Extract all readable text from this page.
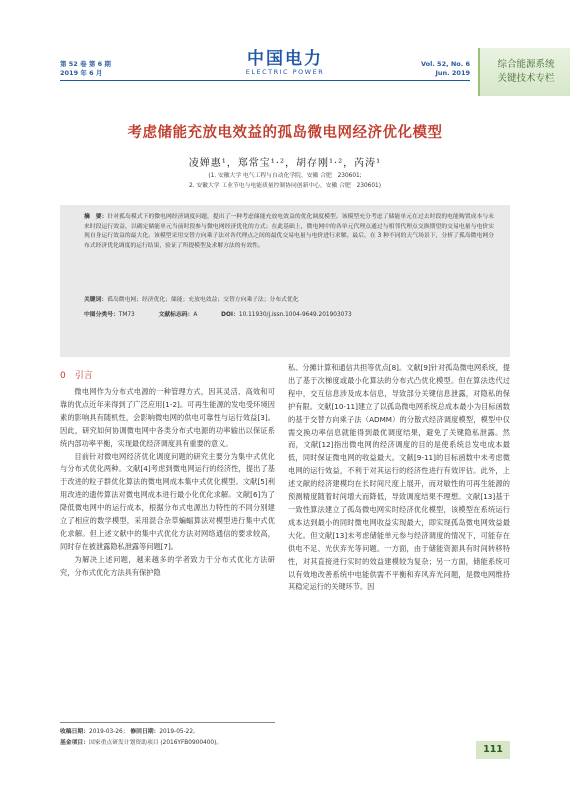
第 52 卷 第 6 期
2019 年 6 月
中国电力
ELECTRIC POWER
Vol. 52, No. 6
Jun. 2019
综合能源系统
关键技术专栏
考虑储能充放电效益的孤岛微电网经济优化模型
凌婵惠¹，郑常宝¹·²，胡存刚¹·²，芮涛¹
(1. 安徽大学 电气工程与自动化学院，安徽 合肥　230601;
2. 安徽大学 工业节电与电能质量控制协同创新中心，安徽 合肥　230601)
摘　要：针对孤岛模式下的微电网经济调度问题，提出了一种考虑储能充放电效益的优化调度模型。该模型充分考虑了储能单元在过去时段的电能购置成本与未来时段运行效益，以确定储能单元当前时段参与微电网经济优化的方式；在此基础上，微电网中的各单元代理点通过与相邻代理点交换期望的交易电量与电价实现自身运行效益的最大化。该模型采用交替方向乘子法对各代理点之间的最优交易电量与电价进行求解。最后，在 3 种不同的天气场景下，分析了孤岛微电网分布式经济优化调度的运行结果，验证了所提模型及求解方法的有效性。
关键词：孤岛微电网；经济优化；储能；充放电效益；交替方向乘子法；分布式优化
中图分类号：TM73	文献标志码：A	DOI：10.11930/j.issn.1004-9649.201903073
0　引言

微电网作为分布式电源的一种管理方式，因其灵活、高效和可靠的优点近年来得到了广泛应用[1-2]。可再生能源的发电受环境因素的影响具有随机性，会影响微电网的供电可靠性与运行效益[3]。因此，研究如何协调微电网中各类分布式电源的功率输出以保证系统内部功率平衡，实现最优经济调度具有重要的意义。

目前针对微电网经济优化调度问题的研究主要分为集中式优化与分布式优化两种。文献[4]考虑到微电网运行的经济性，提出了基于改进的粒子群优化算法的微电网成本集中式优化模型。文献[5]利用改进的遗传算法对微电网成本进行最小化优化求解。文献[6]为了降低微电网中的运行成本，根据分布式电源出力特性的不同分别建立了相应的数学模型，采用混合杂草蝙蝠算法对模型进行集中式优化求解。但上述文献中的集中式优化方法对网络通信的要求较高，同时存在被泄露隐私泄露等问题[7]。

为解决上述问题，越来越多的学者致力于分布式优化方法研究，分布式优化方法具有保护隐

私、分摊计算和通信共担等优点[8]。文献[9]针对孤岛微电网系统，提出了基于次梯度或最小化算法的分布式凸优化模型。但在算法迭代过程中，交互信息涉及成本信息，导致部分关键信息泄露，对隐私的保护有限。文献[10-11]建立了以孤岛微电网系统总成本最小为目标函数的基于交替方向乘子法（ADMM）的分散式经济调度模型，模型中仅需交换功率信息就能得到最优调度结果，避免了关键隐私泄露。然而，文献[12]指出微电网的经济调度的目的是使系统总发电成本最低，同时保证微电网的收益最大。文献[9-11]的目标函数中未考虑微电网的运行效益，不利于对其运行的经济性进行有效评估。此外，上述文献的经济建模均在长时间尺度上展开，而对敏性的可再生能源的预测精度随着时间增大而降低，导致调度结果不理想。文献[13]基于一致性算法建立了孤岛微电网实时经济优化模型，该模型在系统运行成本达到最小的同时微电网收益实现最大，即实现孤岛微电网效益最大化。但文献[13]未考虑储能单元参与经济调度的情况下，可能存在供电不足、光伏弃光等问题。一方面，由于储能资源具有时间转移特性，对其直接进行实时的效益建模较为复杂；另一方面，储能系统可以有效地改善系统中电能供需不平衡和弃风弃光问题，是微电网维持其稳定运行的关键环节。因

收稿日期：2019-03-26； 修回日期：2019-05-22。
基金项目：国家重点研发计划资助项目 (2016YFB0900400)。
111
